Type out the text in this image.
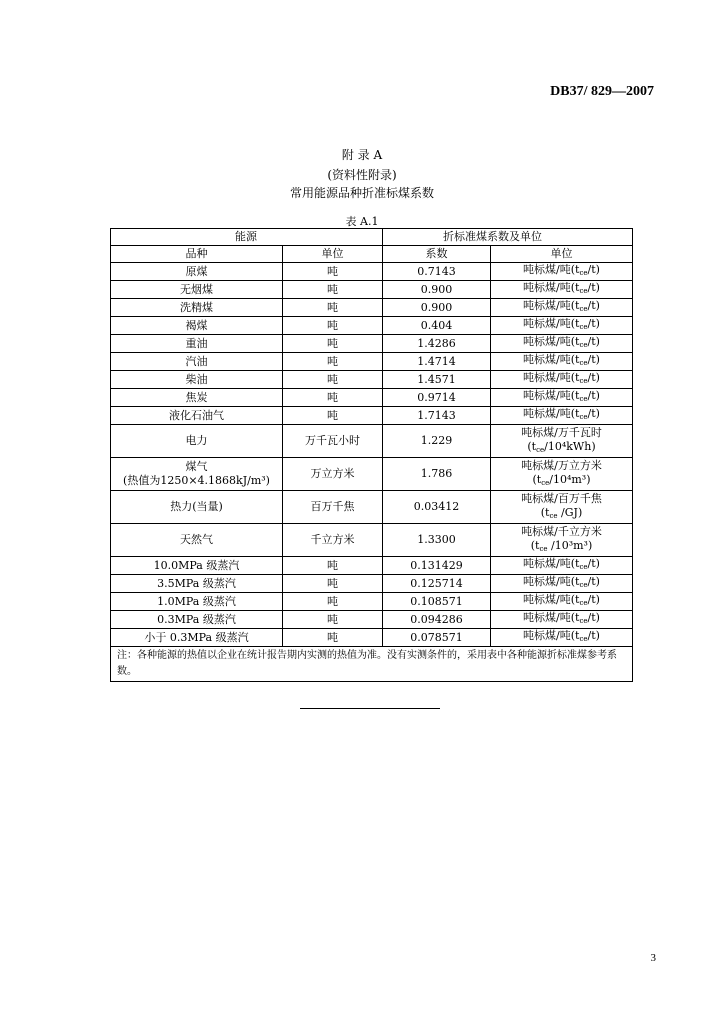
DB37/ 829—2007
附 录 A
(资料性附录)
常用能源品种折准标煤系数
表 A.1
能源		折标准煤系数及单位	
品种	单位	系数	单位
原煤	吨	0.7143	吨标煤/吨$(t_{ce}/t)$
无烟煤	吨	0.900	吨标煤/吨$(t_{ce}/t)$
洗精煤	吨	0.900	吨标煤/吨$(t_{ce}/t)$
褐煤	吨	0.404	吨标煤/吨$(t_{ce}/t)$
重油	吨	1.4286	吨标煤/吨$(t_{ce}/t)$
汽油	吨	1.4714	吨标煤/吨$(t_{ce}/t)$
柴油	吨	1.4571	吨标煤/吨$(t_{ce}/t)$
焦炭	吨	0.9714	吨标煤/吨$(t_{ce}/t)$
液化石油气	吨	1.7143	吨标煤/吨$(t_{ce}/t)$
电力	万千瓦小时	1.229	吨标煤/万千瓦时
$(t_{ce}/10^4kWh)$
煤气
(热值为1250×4.1868kJ/m³)	万立方米	1.786	吨标煤/万立方米
$(t_{ce}/10^4m^3)$
热力(当量)	百万千焦	0.03412	吨标煤/百万千焦
($t_{ce}$ /GJ)
天然气	千立方米	1.3300	吨标煤/千立方米
($t_{ce}$ /10³m³)
10.0MPa 级蒸汽	吨	0.131429	吨标煤/吨$(t_{ce}/t)$
3.5MPa 级蒸汽	吨	0.125714	吨标煤/吨$(t_{ce}/t)$
1.0MPa 级蒸汽	吨	0.108571	吨标煤/吨$(t_{ce}/t)$
0.3MPa 级蒸汽	吨	0.094286	吨标煤/吨$(t_{ce}/t)$
小于 0.3MPa 级蒸汽	吨	0.078571	吨标煤/吨$(t_{ce}/t)$
注：各种能源的热值以企业在统计报告期内实测的热值为准。没有实测条件的，采用表中各种能源折标准煤参考系数。			
3
